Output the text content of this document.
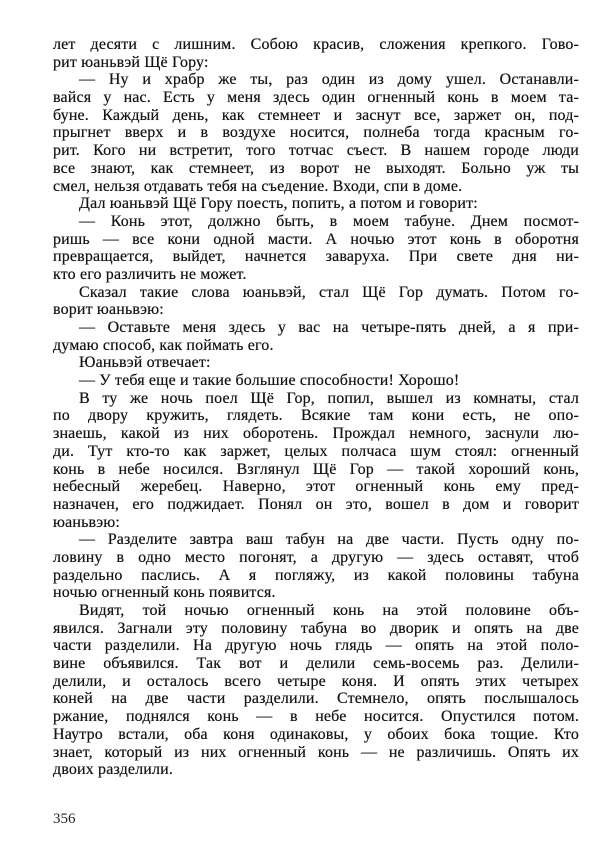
лет десяти с лишним. Собою красив, сложения крепкого. Гово-
рит юаньвэй Щё Гору:
— Ну и храбр же ты, раз один из дому ушел. Останавли-
вайся у нас. Есть у меня здесь один огненный конь в моем та-
буне. Каждый день, как стемнеет и заснут все, заржет он, под-
прыгнет вверх и в воздухе носится, полнеба тогда красным го-
рит. Кого ни встретит, того тотчас съест. В нашем городе люди
все знают, как стемнеет, из ворот не выходят. Больно уж ты
смел, нельзя отдавать тебя на съедение. Входи, спи в доме.
Дал юаньвэй Щё Гору поесть, попить, а потом и говорит:
— Конь этот, должно быть, в моем табуне. Днем посмот-
ришь — все кони одной масти. А ночью этот конь в оборотня
превращается, выйдет, начнется заваруха. При свете дня ни-
кто его различить не может.
Сказал такие слова юаньвэй, стал Щё Гор думать. Потом го-
ворит юаньвэю:
— Оставьте меня здесь у вас на четыре-пять дней, а я при-
думаю способ, как поймать его.
Юаньвэй отвечает:
— У тебя еще и такие большие способности! Хорошо!
В ту же ночь поел Щё Гор, попил, вышел из комнаты, стал
по двору кружить, глядеть. Всякие там кони есть, не опо-
знаешь, какой из них оборотень. Прождал немного, заснули лю-
ди. Тут кто-то как заржет, целых полчаса шум стоял: огненный
конь в небе носился. Взглянул Щё Гор — такой хороший конь,
небесный жеребец. Наверно, этот огненный конь ему пред-
назначен, его поджидает. Понял он это, вошел в дом и говорит
юаньвэю:
— Разделите завтра ваш табун на две части. Пусть одну по-
ловину в одно место погонят, а другую — здесь оставят, чтоб
раздельно паслись. А я погляжу, из какой половины табуна
ночью огненный конь появится.
Видят, той ночью огненный конь на этой половине объ-
явился. Загнали эту половину табуна во дворик и опять на две
части разделили. На другую ночь глядь — опять на этой поло-
вине объявился. Так вот и делили семь-восемь раз. Делили-
делили, и осталось всего четыре коня. И опять этих четырех
коней на две части разделили. Стемнело, опять послышалось
ржание, поднялся конь — в небе носится. Опустился потом.
Наутро встали, оба коня одинаковы, у обоих бока тощие. Кто
знает, который из них огненный конь — не различишь. Опять их
двоих разделили.
356
